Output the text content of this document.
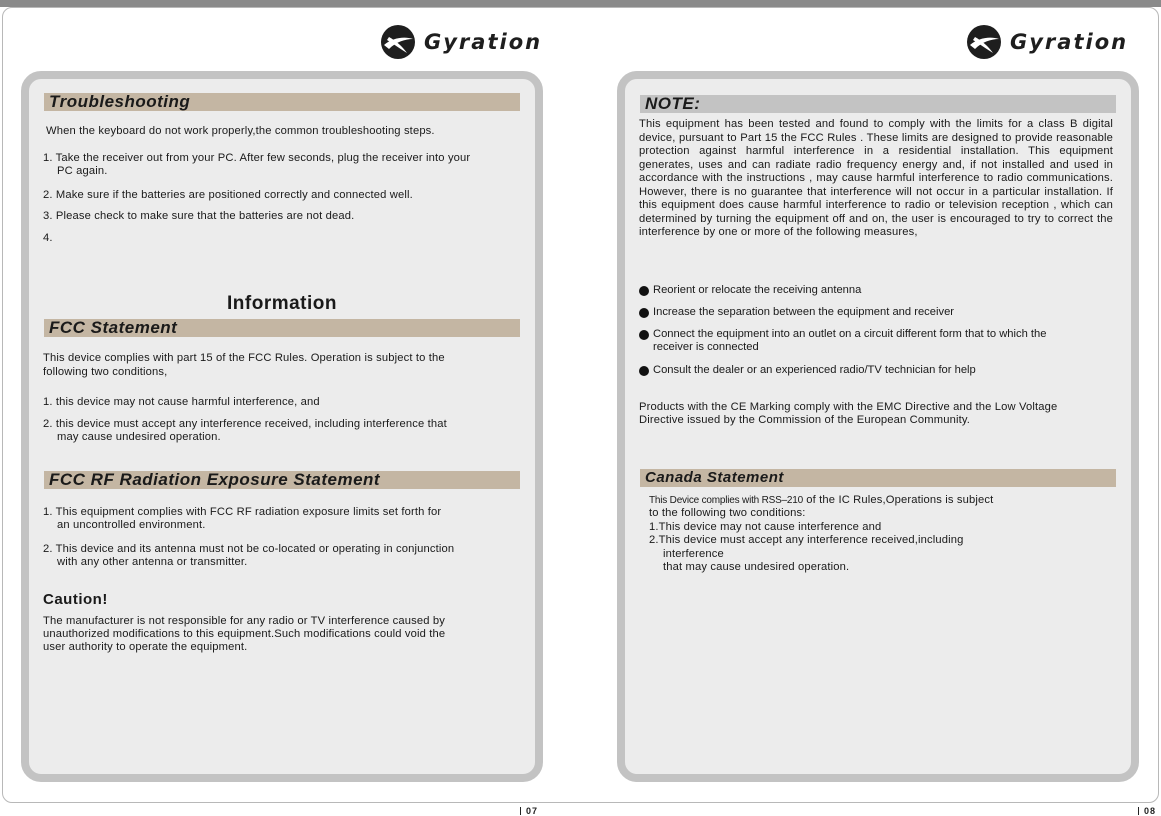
Gyration	Gyration
Troubleshooting
When the keyboard do not work properly,the common troubleshooting steps.
1. Take the receiver out from your PC. After few seconds, plug the receiver into your
PC again.
2. Make sure if the batteries are positioned correctly and connected well.
3. Please check to make sure that the batteries are not dead.
4.
Information
FCC Statement
This device complies with part 15 of the FCC Rules. Operation is subject to the
following two conditions,
1. this device may not cause harmful interference, and
2. this device must accept any interference received, including interference that
may cause undesired operation.
FCC RF Radiation Exposure Statement
1. This equipment complies with FCC RF radiation exposure limits set forth for
an uncontrolled environment.
2. This device and its antenna must not be co-located or operating in conjunction
with any other antenna or transmitter.
Caution!
The manufacturer is not responsible for any radio or TV interference caused by
unauthorized modifications to this equipment.Such modifications could void the
user authority to operate the equipment.
NOTE:
This equipment has been tested and found to comply with the limits for a class B digital device, pursuant to Part 15 the FCC Rules . These limits are designed to provide reasonable protection against harmful interference in a residential installation. This equipment generates, uses and can radiate radio frequency energy and, if not installed and used in accordance with the instructions , may cause harmful interference to radio communications. However, there is no guarantee that interference will not occur in a particular installation. If this equipment does cause harmful interference to radio or television reception , which can determined by turning the equipment off and on, the user is encouraged to try to correct the interference by one or more of the following measures,
Reorient or relocate the receiving antenna
Increase the separation between the equipment and receiver
Connect the equipment into an outlet on a circuit different form that to which the
receiver is connected
Consult the dealer or an experienced radio/TV technician for help
Products with the CE Marking comply with the EMC Directive and the Low Voltage
Directive issued by the Commission of the European Community.
Canada Statement
This Device complies with RSS–210 of the IC Rules,Operations is subject
to the following two conditions:
1.This device may not cause interference and
2.This device must accept any interference received,including
interference
that may cause undesired operation.
07	08
